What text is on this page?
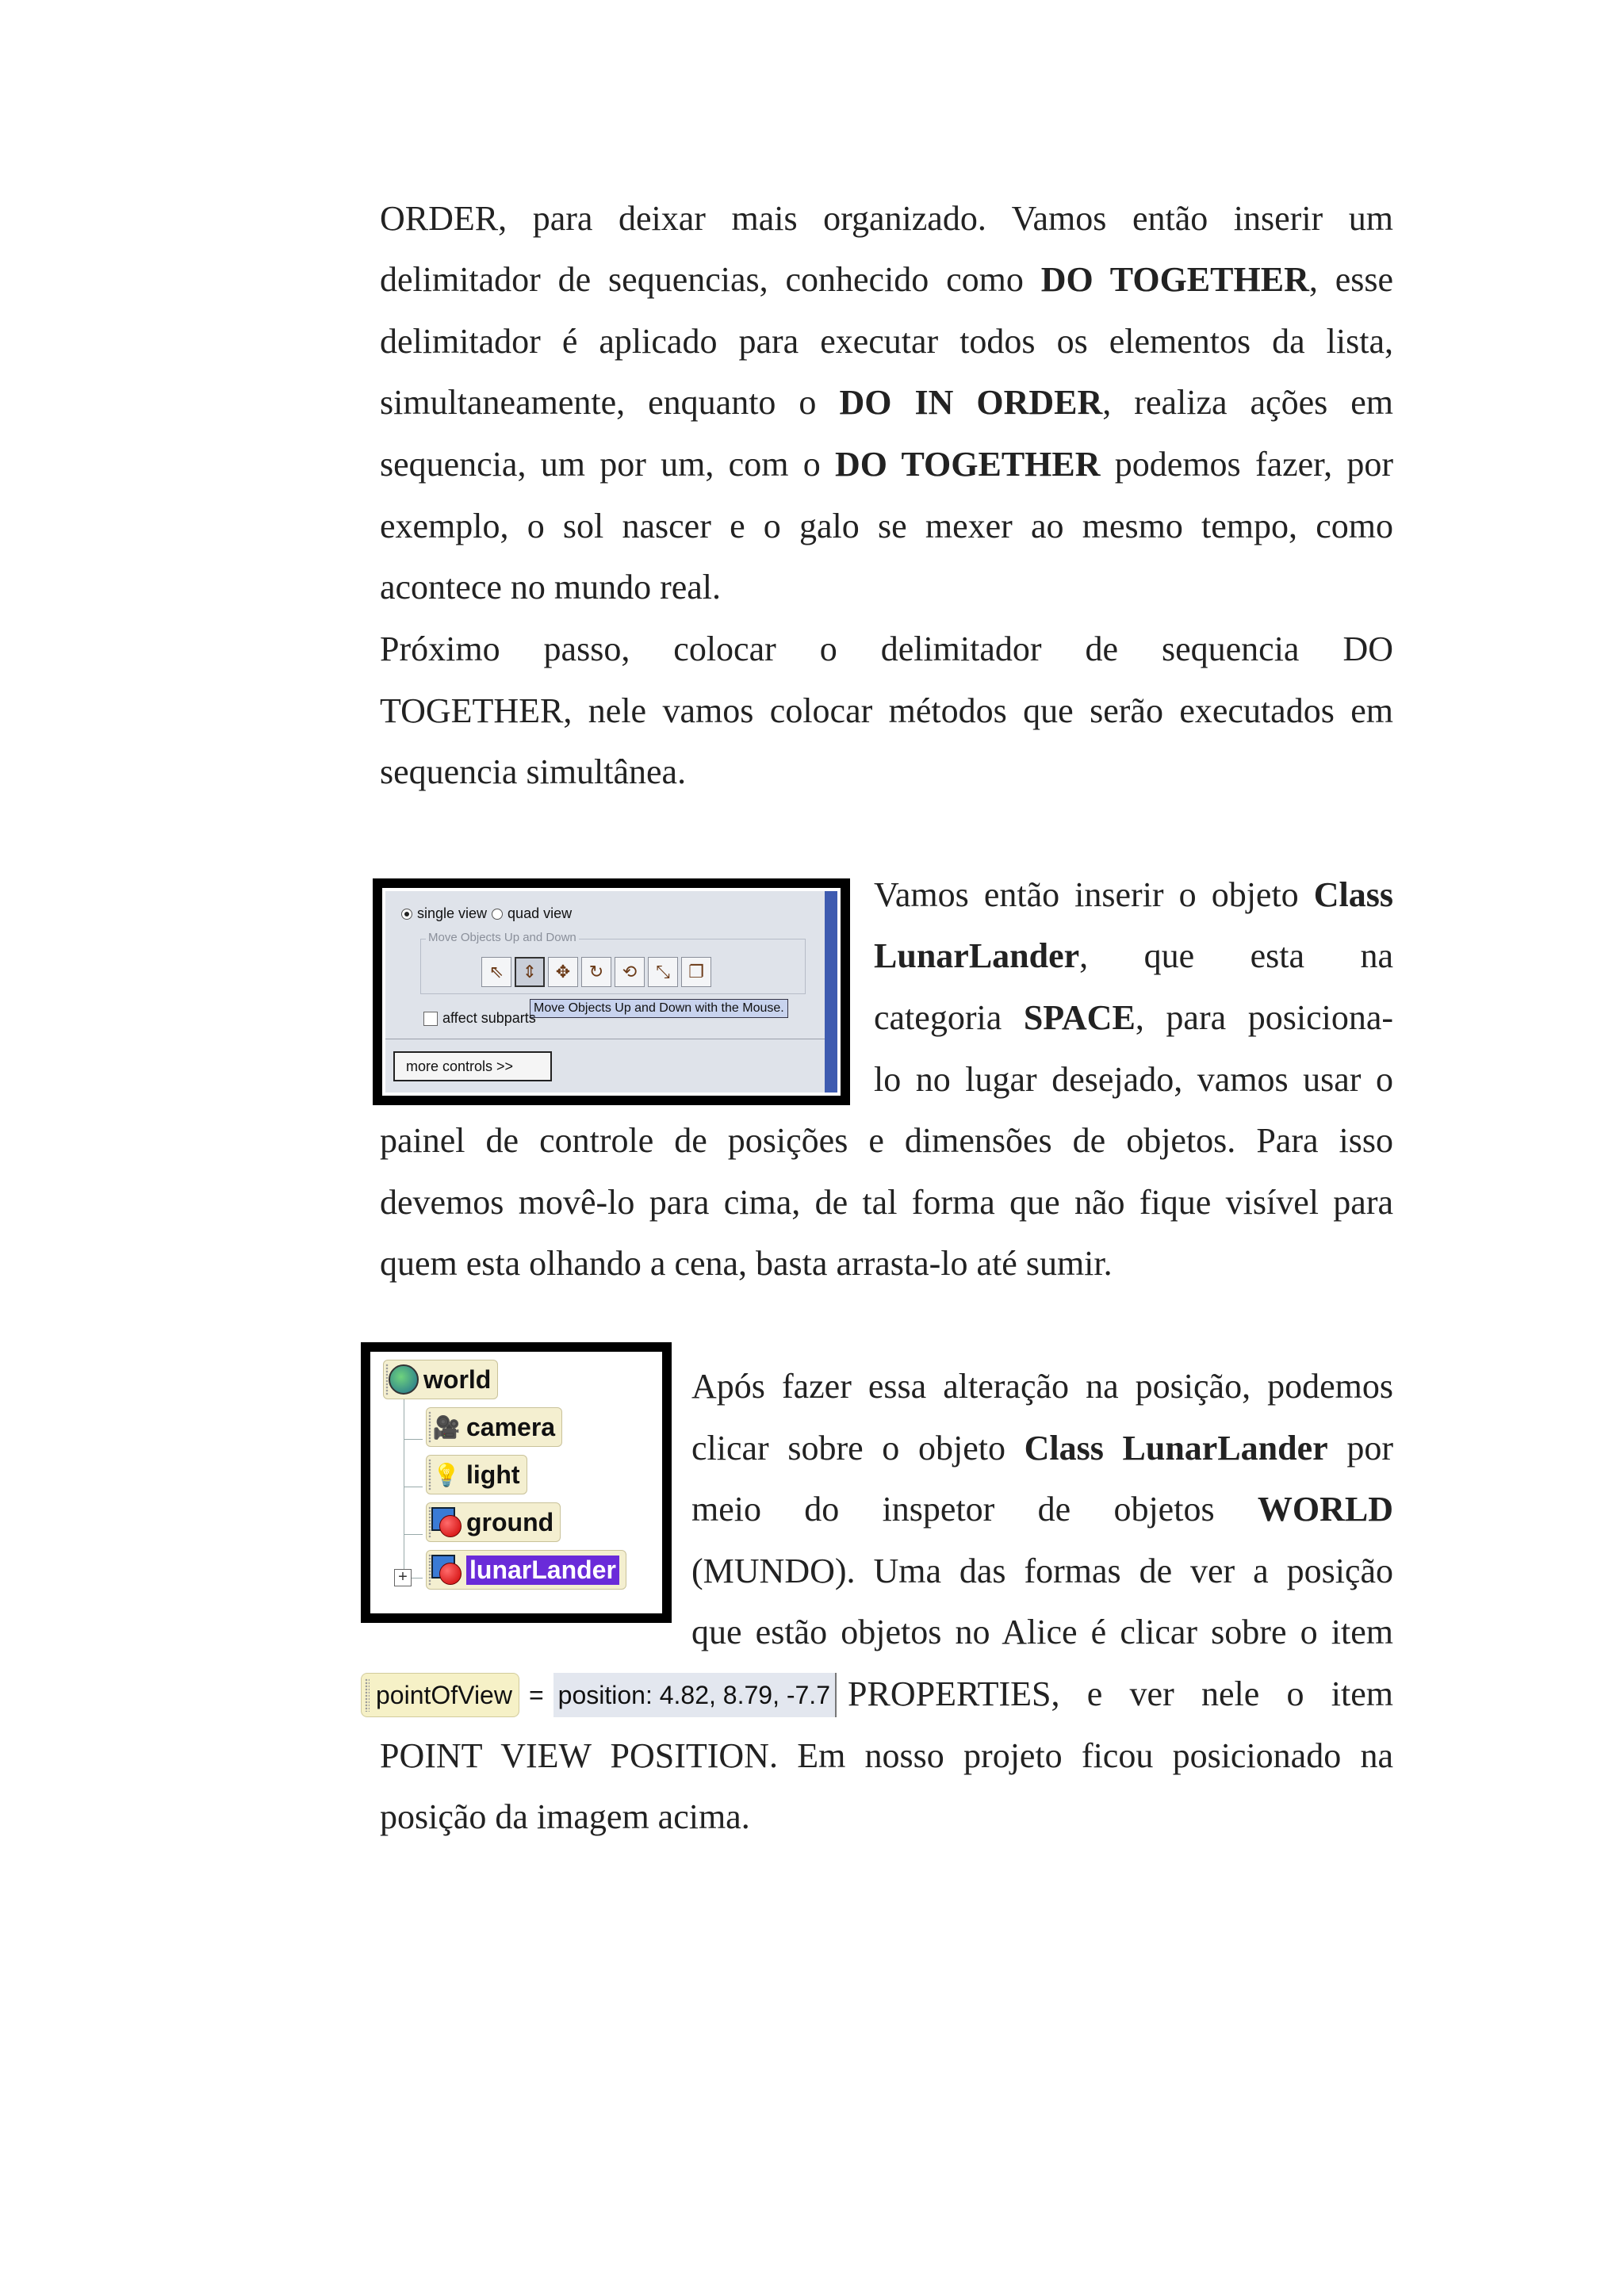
ORDER, para deixar mais organizado. Vamos então inserir um
delimitador de sequencias, conhecido como DO TOGETHER, esse
delimitador é aplicado para executar todos os elementos da lista,
simultaneamente, enquanto o DO IN ORDER, realiza ações em
sequencia, um por um, com o DO TOGETHER podemos fazer, por
exemplo, o sol nascer e o galo se mexer ao mesmo tempo, como
acontece no mundo real.
Próximo passo, colocar o delimitador de sequencia DO
TOGETHER, nele vamos colocar métodos que serão executados em
sequencia simultânea.
single view quad view
Move Objects Up and Down
⇖ ⇕ ✥ ↻ ⟲ ⤡ ❐
Move Objects Up and Down with the Mouse.
affect subparts
more controls >>
Vamos então inserir o objeto Class
LunarLander, que esta na
categoria SPACE, para posiciona-
lo no lugar desejado, vamos usar o
painel de controle de posições e dimensões de objetos. Para isso
devemos movê-lo para cima, de tal forma que não fique visível para
quem esta olhando a cena, basta arrasta-lo até sumir.
world
🎥 camera
💡 light
ground
+ lunarLander
Após fazer essa alteração na posição, podemos
clicar sobre o objeto Class LunarLander por
meio do inspetor de objetos WORLD
(MUNDO). Uma das formas de ver a posição
que estão objetos no Alice é clicar sobre o item
pointOfView = position: 4.82, 8.79, -7.7 PROPERTIES, e ver nele o item
POINT VIEW POSITION. Em nosso projeto ficou posicionado na
posição da imagem acima.
